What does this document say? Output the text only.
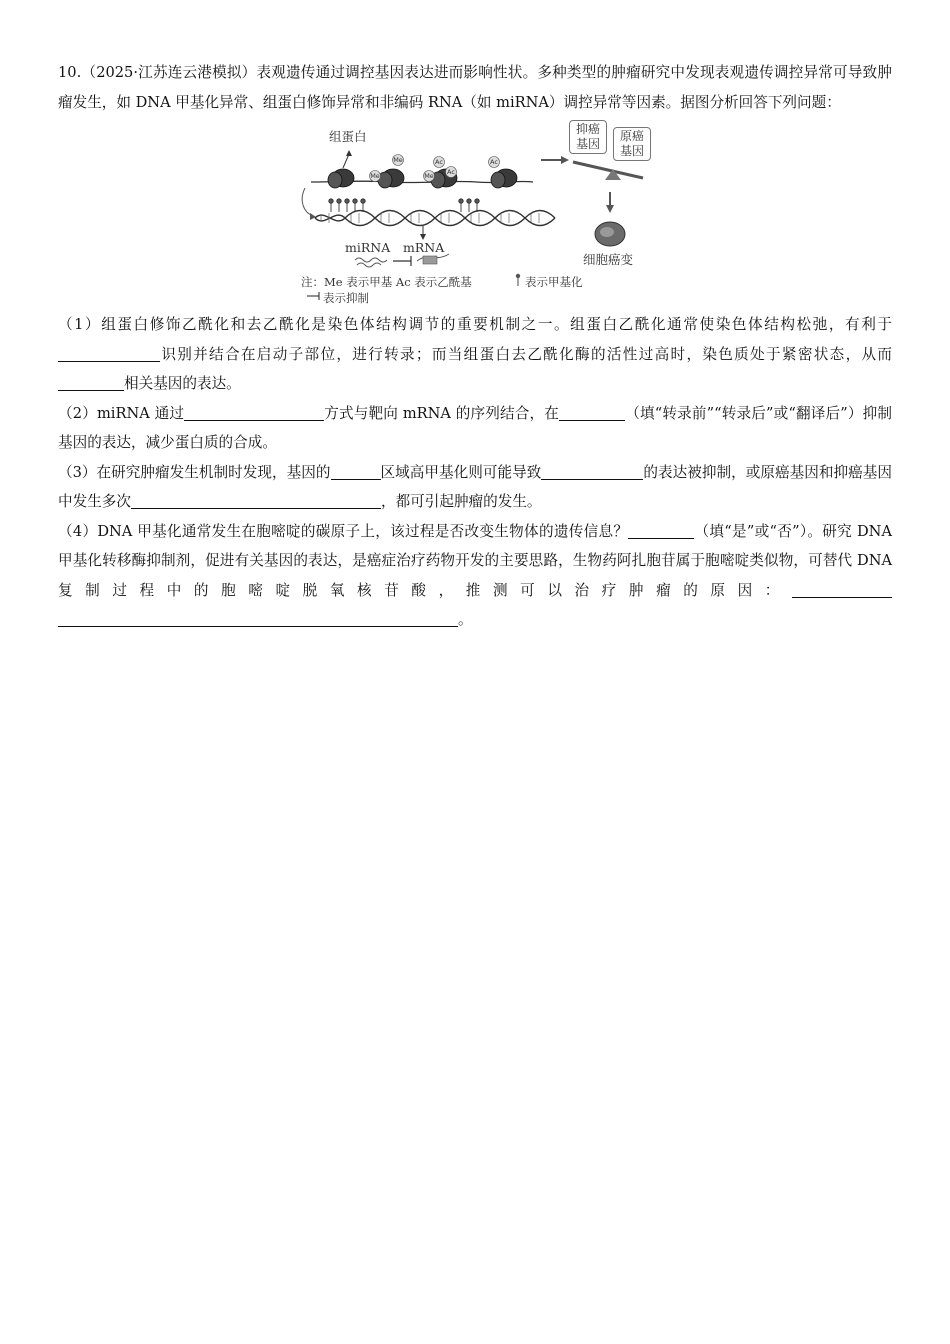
10.（2025·江苏连云港模拟）表观遗传通过调控基因表达进而影响性状。多种类型的肿瘤研究中发现表观遗传调控异常可导致肿瘤发生，如 DNA 甲基化异常、组蛋白修饰异常和非编码 RNA（如 miRNA）调控异常等因素。据图分析回答下列问题：

Me
Me
Ac
Me Ac
Ac
组蛋白	抑癌基因
原癌基因
miRNA mRNA
细胞癌变
注：Me 表示甲基 Ac 表示乙酰基	表示甲基化
表示抑制

（1）组蛋白修饰乙酰化和去乙酰化是染色体结构调节的重要机制之一。组蛋白乙酰化通常使染色体结构松弛，有利于识别并结合在启动子部位，进行转录；而当组蛋白去乙酰化酶的活性过高时，染色质处于紧密状态，从而相关基因的表达。

（2）miRNA 通过	方式与靶向 mRNA 的序列结合，在	（填“转录前”“转录后”或“翻译后”）抑制基因的表达，减少蛋白质的合成。

（3）在研究肿瘤发生机制时发现，基因的	区域高甲基化则可能导致	的表达被抑制，或原癌基因和抑癌基因中发生多次	，都可引起肿瘤的发生。

（4）DNA 甲基化通常发生在胞嘧啶的碳原子上，该过程是否改变生物体的遗传信息？	（填“是”或“否”）。研究 DNA 甲基化转移酶抑制剂，促进有关基因的表达，是癌症治疗药物开发的主要思路，生物药阿扎胞苷属于胞嘧啶类似物，可替代 DNA 复制过程中的胞嘧啶脱氧核苷酸，推测可以治疗肿瘤的原因：。
